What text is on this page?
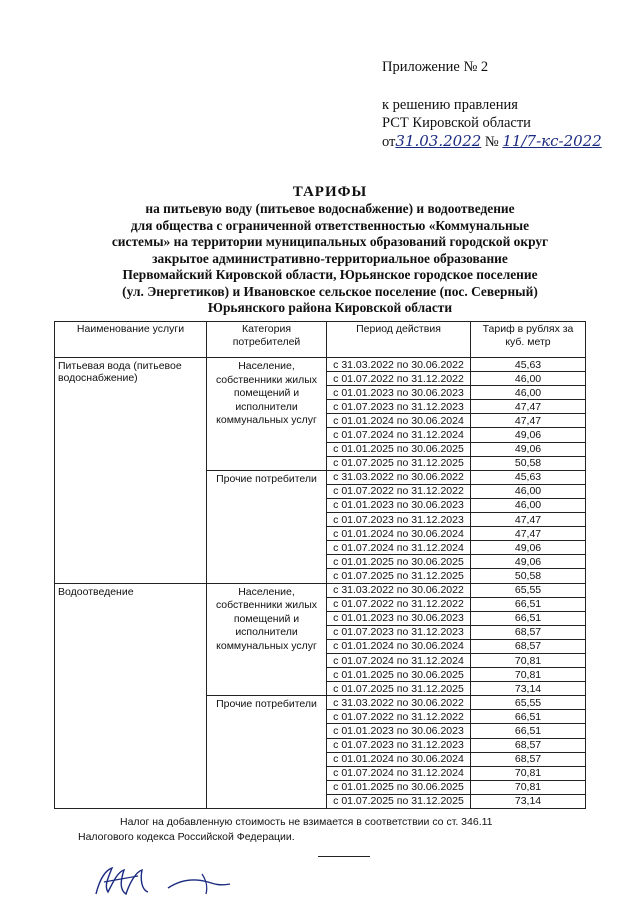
Приложение № 2
к решению правления
РСТ Кировской области
от31.03.2022 № 11/7-кс-2022
ТАРИФЫ
на питьевую воду (питьевое водоснабжение) и водоотведение
для общества с ограниченной ответственностью «Коммунальные
системы» на территории муниципальных образований городской округ
закрытое административно-территориальное образование
Первомайский Кировской области, Юрьянское городское поселение
(ул. Энергетиков) и Ивановское сельское поселение (пос. Северный)
Юрьянского района Кировской области
Наименование услуги	Категория потребителей	Период действия	Тариф в рублях за куб. метр

Питьевая вода (питьевое
водоснабжение)	Население,
собственники жилых
помещений и
исполнители
коммунальных услуг	с 31.03.2022 по 30.06.2022	45,63
		с 01.07.2022 по 31.12.2022	46,00
		с 01.01.2023 по 30.06.2023	46,00
		с 01.07.2023 по 31.12.2023	47,47
		с 01.01.2024 по 30.06.2024	47,47
		с 01.07.2024 по 31.12.2024	49,06
		с 01.01.2025 по 30.06.2025	49,06
		с 01.07.2025 по 31.12.2025	50,58

	Прочие потребители	с 31.03.2022 по 30.06.2022	45,63
		с 01.07.2022 по 31.12.2022	46,00
		с 01.01.2023 по 30.06.2023	46,00
		с 01.07.2023 по 31.12.2023	47,47
		с 01.01.2024 по 30.06.2024	47,47
		с 01.07.2024 по 31.12.2024	49,06
		с 01.01.2025 по 30.06.2025	49,06
		с 01.07.2025 по 31.12.2025	50,58

Водоотведение	Население,
собственники жилых
помещений и
исполнители
коммунальных услуг	с 31.03.2022 по 30.06.2022	65,55
		с 01.07.2022 по 31.12.2022	66,51
		с 01.01.2023 по 30.06.2023	66,51
		с 01.07.2023 по 31.12.2023	68,57
		с 01.01.2024 по 30.06.2024	68,57
		с 01.07.2024 по 31.12.2024	70,81
		с 01.01.2025 по 30.06.2025	70,81
		с 01.07.2025 по 31.12.2025	73,14

	Прочие потребители	с 31.03.2022 по 30.06.2022	65,55
		с 01.07.2022 по 31.12.2022	66,51
		с 01.01.2023 по 30.06.2023	66,51
		с 01.07.2023 по 31.12.2023	68,57
		с 01.01.2024 по 30.06.2024	68,57
		с 01.07.2024 по 31.12.2024	70,81
		с 01.01.2025 по 30.06.2025	70,81
		с 01.07.2025 по 31.12.2025	73,14
Налог на добавленную стоимость не взимается в соответствии со ст. 346.11
Налогового кодекса Российской Федерации.
